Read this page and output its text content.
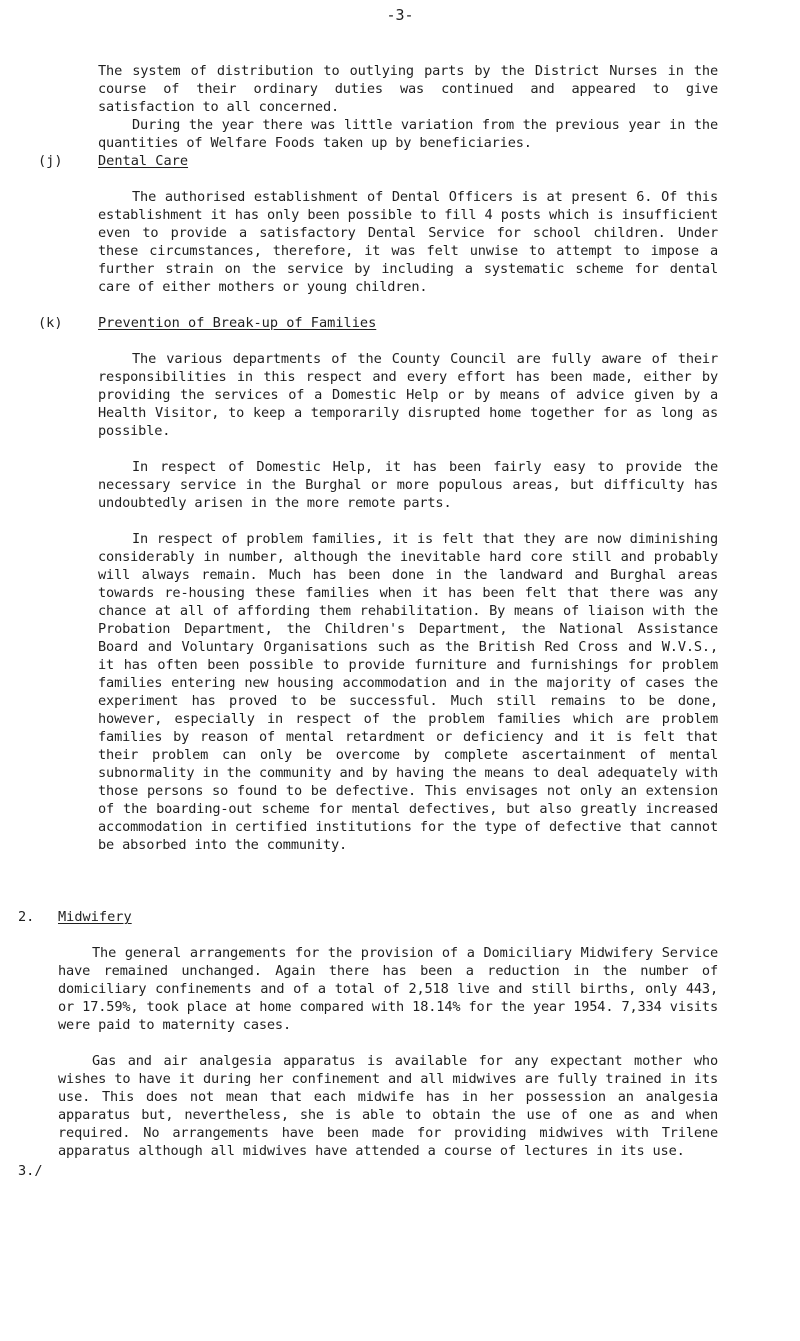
-3-

The system of distribution to outlying parts by the District Nurses in the course of their ordinary duties was continued and appeared to give satisfaction to all concerned.

During the year there was little variation from the previous year in the quantities of Welfare Foods taken up by beneficiaries.

(j)	Dental Care

The authorised establishment of Dental Officers is at present 6. Of this establishment it has only been possible to fill 4 posts which is insufficient even to provide a satisfactory Dental Service for school children. Under these circumstances, therefore, it was felt unwise to attempt to impose a further strain on the service by including a systematic scheme for dental care of either mothers or young children.

(k)	Prevention of Break-up of Families

The various departments of the County Council are fully aware of their responsibilities in this respect and every effort has been made, either by providing the services of a Domestic Help or by means of advice given by a Health Visitor, to keep a temporarily disrupted home together for as long as possible.

In respect of Domestic Help, it has been fairly easy to provide the necessary service in the Burghal or more populous areas, but difficulty has undoubtedly arisen in the more remote parts.

In respect of problem families, it is felt that they are now diminishing considerably in number, although the inevitable hard core still and probably will always remain. Much has been done in the landward and Burghal areas towards re-housing these families when it has been felt that there was any chance at all of affording them rehabilitation. By means of liaison with the Probation Department, the Children's Department, the National Assistance Board and Voluntary Organisations such as the British Red Cross and W.V.S., it has often been possible to provide furniture and furnishings for problem families entering new housing accommodation and in the majority of cases the experiment has proved to be successful. Much still remains to be done, however, especially in respect of the problem families which are problem families by reason of mental retardment or deficiency and it is felt that their problem can only be overcome by complete ascertainment of mental subnormality in the community and by having the means to deal adequately with those persons so found to be defective. This envisages not only an extension of the boarding-out scheme for mental defectives, but also greatly increased accommodation in certified institutions for the type of defective that cannot be absorbed into the community.

2. Midwifery

The general arrangements for the provision of a Domiciliary Midwifery Service have remained unchanged. Again there has been a reduction in the number of domiciliary confinements and of a total of 2,518 live and still births, only 443, or 17.59%, took place at home compared with 18.14% for the year 1954. 7,334 visits were paid to maternity cases.

Gas and air analgesia apparatus is available for any expectant mother who wishes to have it during her confinement and all midwives are fully trained in its use. This does not mean that each midwife has in her possession an analgesia apparatus but, nevertheless, she is able to obtain the use of one as and when required. No arrangements have been made for providing midwives with Trilene apparatus although all midwives have attended a course of lectures in its use.

3./
